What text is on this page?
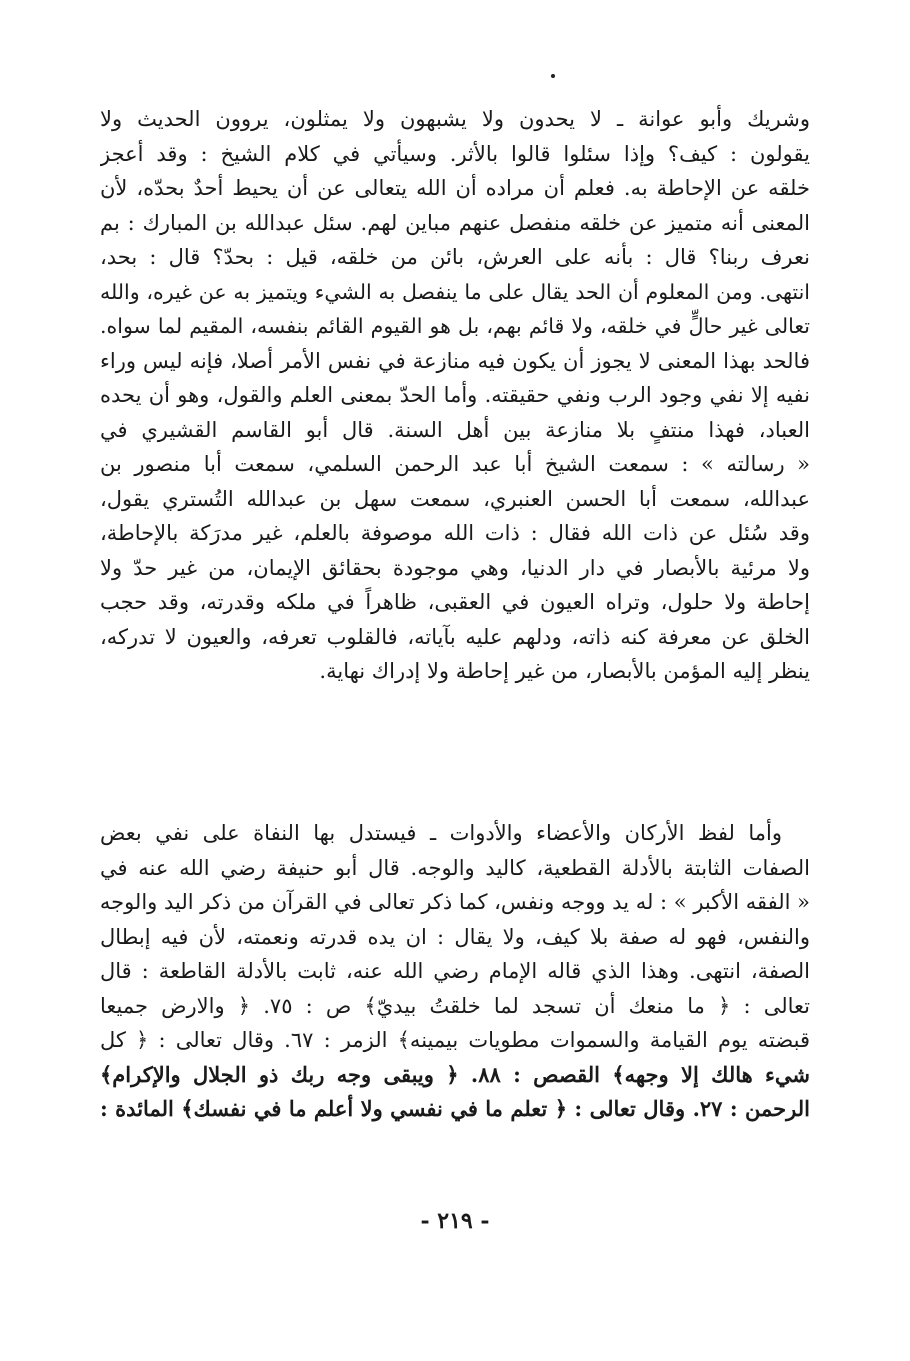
وشريك وأبو عوانة ـ لا يحدون ولا يشبهون ولا يمثلون، يروون الحديث ولا
يقولون : كيف؟ وإذا سئلوا قالوا بالأثر. وسيأتي في كلام الشيخ : وقد أعجز
خلقه عن الإحاطة به. فعلم أن مراده أن الله يتعالى عن أن يحيط أحدٌ بحدّه، لأن
المعنى أنه متميز عن خلقه منفصل عنهم مباين لهم. سئل عبدالله بن المبارك : بم
نعرف ربنا؟ قال : بأنه على العرش، بائن من خلقه، قيل : بحدّ؟ قال : بحد،
انتهى. ومن المعلوم أن الحد يقال على ما ينفصل به الشيء ويتميز به عن غيره، والله
تعالى غير حالٍّ في خلقه، ولا قائم بهم، بل هو القيوم القائم بنفسه، المقيم لما سواه.
فالحد بهذا المعنى لا يجوز أن يكون فيه منازعة في نفس الأمر أصلا، فإنه ليس وراء
نفيه إلا نفي وجود الرب ونفي حقيقته. وأما الحدّ بمعنى العلم والقول، وهو أن يحده
العباد، فهذا منتفٍ بلا منازعة بين أهل السنة. قال أبو القاسم القشيري في
« رسالته » : سمعت الشيخ أبا عبد الرحمن السلمي، سمعت أبا منصور بن
عبدالله، سمعت أبا الحسن العنبري، سمعت سهل بن عبدالله التُستري يقول،
وقد سُئل عن ذات الله فقال : ذات الله موصوفة بالعلم، غير مدرَكة بالإحاطة،
ولا مرئية بالأبصار في دار الدنيا، وهي موجودة بحقائق الإيمان، من غير حدّ ولا
إحاطة ولا حلول، وتراه العيون في العقبى، ظاهراً في ملكه وقدرته، وقد حجب
الخلق عن معرفة كنه ذاته، ودلهم عليه بآياته، فالقلوب تعرفه، والعيون لا تدركه،
ينظر إليه المؤمن بالأبصار، من غير إحاطة ولا إدراك نهاية.
وأما لفظ الأركان والأعضاء والأدوات ـ فيستدل بها النفاة على نفي بعض
الصفات الثابتة بالأدلة القطعية، كاليد والوجه. قال أبو حنيفة رضي الله عنه في
« الفقه الأكبر » : له يد ووجه ونفس، كما ذكر تعالى في القرآن من ذكر اليد والوجه
والنفس، فهو له صفة بلا كيف، ولا يقال : ان يده قدرته ونعمته، لأن فيه إبطال
الصفة، انتهى. وهذا الذي قاله الإمام رضي الله عنه، ثابت بالأدلة القاطعة : قال
تعالى : ﴿ ما منعك أن تسجد لما خلقتُ بيديّ﴾ ص : ٧٥. ﴿ والارض جميعا
قبضته يوم القيامة والسموات مطويات بيمينه﴾ الزمر : ٦٧. وقال تعالى : ﴿ كل
شيء هالك إلا وجهه﴾ القصص : ٨٨. ﴿ ويبقى وجه ربك ذو الجلال والإكرام﴾
الرحمن : ٢٧. وقال تعالى : ﴿ تعلم ما في نفسي ولا أعلم ما في نفسك﴾ المائدة :
- ٢١٩ -
